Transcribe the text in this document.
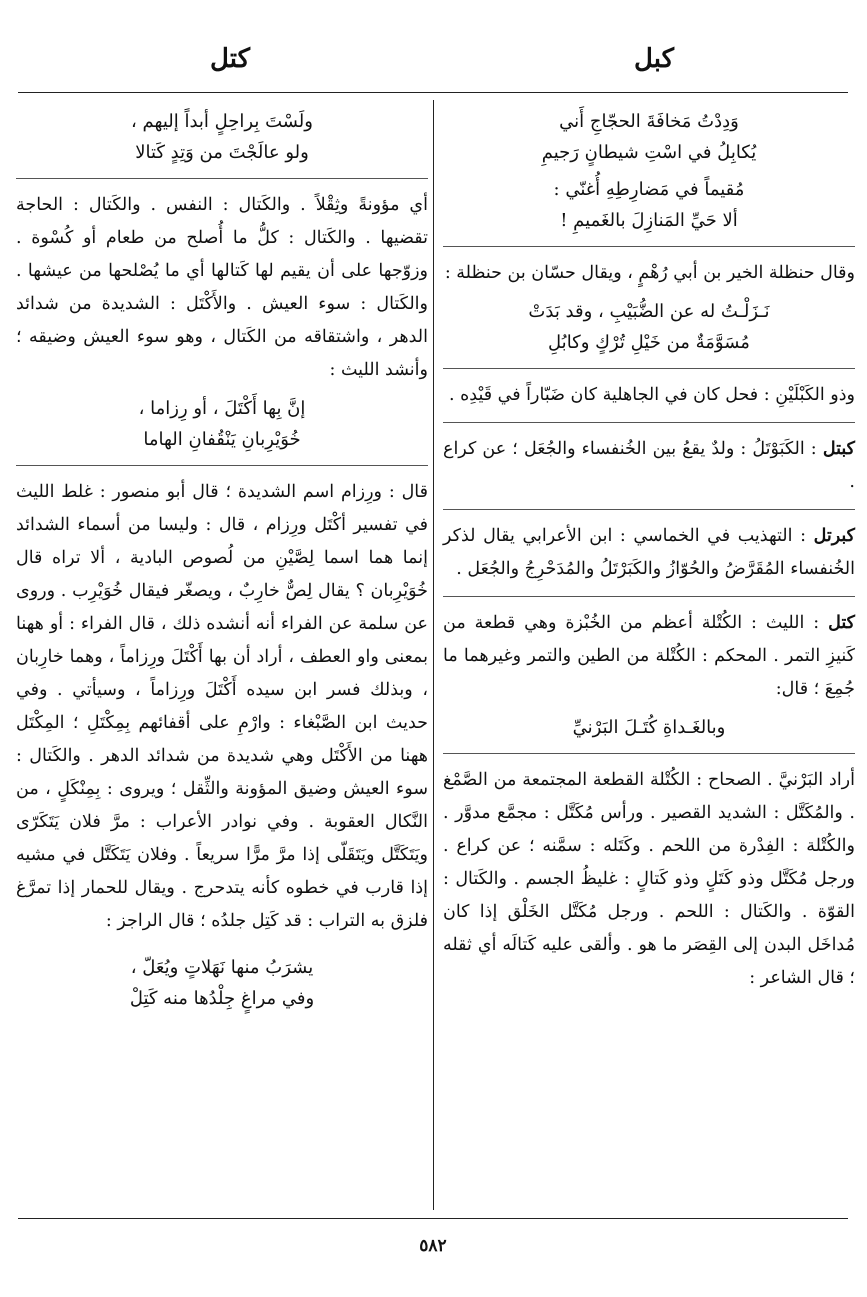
كبل
كتل
وَدِدْتُ مَخافَةَ الحجّاجِ أَني
يُكابِلُ في اسْتِ شيطانٍ رَجيمِ
مُقيماً في مَضارِطِهِ أُغنّي :
ألا حَيِّ المَنازِلَ بالغَميمِ !

وقال حنظلة الخير بن أبي رُهْمٍ ، ويقال حسّان بن حنظلة :

نَـزَلْـتُ له عن الضُّبَيْبِ ، وقد بَدَتْ
مُسَوَّمَةٌ من خَيْلِ تُرْكٍ وكابُلِ

وذو الكَبْلَيْنِ : فحل كان في الجاهلية كان ضَبّاراً في قَيْدِه .

كبتل : الكَبَوْتَلُ : ولدٌ يقعُ بين الخُنفساء والجُعَل ؛ عن كراع .

كبرتل : التهذيب في الخماسي : ابن الأعرابي يقال لذكر الخُنفساء المُقَرَّضُ والحُوّازُ والكَبَرْتَلُ والمُدَحْرِجُ والجُعَل .

كتل : الليث : الكُتْلة أعظم من الخُبْزة وهي قطعة من كَنيزِ التمر . المحكم : الكُتْلة من الطين والتمر وغيرهما ما جُمِعَ ؛ قال:

وبالغَـداةِ كُتَـلَ البَرْنيِّ

أراد البَرْنيَّ . الصحاح : الكُتْلة القطعة المجتمعة من الصَّمْغ . والمُكَتَّل : الشديد القصير . ورأس مُكَتَّل : مجمَّع مدوَّر . والكُتْلة : الفِدْرة من اللحم . وكَتَله : سمَّنه ؛ عن كراع . ورجل مُكَتَّل وذو كَتَلٍ وذو كَتالٍ : غليظُ الجسم . والكَتال : القوّة . والكَتال : اللحم . ورجل مُكَتَّل الخَلْق إذا كان مُداخَل البدن إلى القِصَر ما هو . وألقى عليه كَتالَه أي ثقله ؛ قال الشاعر :

ولَسْتَ بِراحِلٍ أبداً إليهم ،
ولو عالَجْتَ من وَتِدٍ كَتالا

أي مؤونةً وثِقْلاً . والكَتال : النفس . والكَتال : الحاجة تقضيها . والكَتال : كلُّ ما أُصلح من طعام أو كُسْوة . وزوّجها على أن يقيم لها كَتالها أي ما يُصْلحها من عيشها . والكَتال : سوء العيش . والأَكْتَل : الشديدة من شدائد الدهر ، واشتقاقه من الكَتال ، وهو سوء العيش وضيقه ؛ وأنشد الليث :

إنَّ بِها أَكْتَلَ ، أو رِزاما ،
خُوَيْرِبانِ يَنْقُفانِ الهاما

قال : ورِزام اسم الشديدة ؛ قال أبو منصور : غلط الليث في تفسير أكْتَل ورِزام ، قال : وليسا من أسماء الشدائد إنما هما اسما لِصَّيْنِ من لُصوص البادية ، ألا تراه قال خُوَيْرِبان ؟ يقال لِصٌّ خارِبٌ ، ويصغّر فيقال خُوَيْرِب . وروى عن سلمة عن الفراء أنه أنشده ذلك ، قال الفراء : أو ههنا بمعنى واو العطف ، أراد أن بها أَكْتَلَ ورِزاماً ، وهما خارِبان ، وبذلك فسر ابن سيده أَكْتَلَ ورِزاماً ، وسيأتي . وفي حديث ابن الصَّبْغاء : وارْمِ على أقفائهم بِمِكْتَلِ ؛ المِكْتَل ههنا من الأَكْتَل وهي شديدة من شدائد الدهر . والكَتال : سوء العيش وضيق المؤونة والثِّقل ؛ ويروى : بِمِنْكَلٍ ، من النَّكال العقوبة . وفي نوادر الأعراب : مرَّ فلان يَتَكَرّى ويَتَكَتَّل ويَتَقَلّى إذا مرَّ مرًّا سريعاً . وفلان يَتَكَتَّل في مشيه إذا قارب في خطوه كأنه يتدحرج . ويقال للحمار إذا تمرَّغ فلزق به التراب : قد كَتِل جلدُه ؛ قال الراجز :

يشرَبُ منها نَهَلاتٍ ويُعَلّ ،
وفي مراغٍ جِلْدُها منه كَتِلْ
٥٨٢
